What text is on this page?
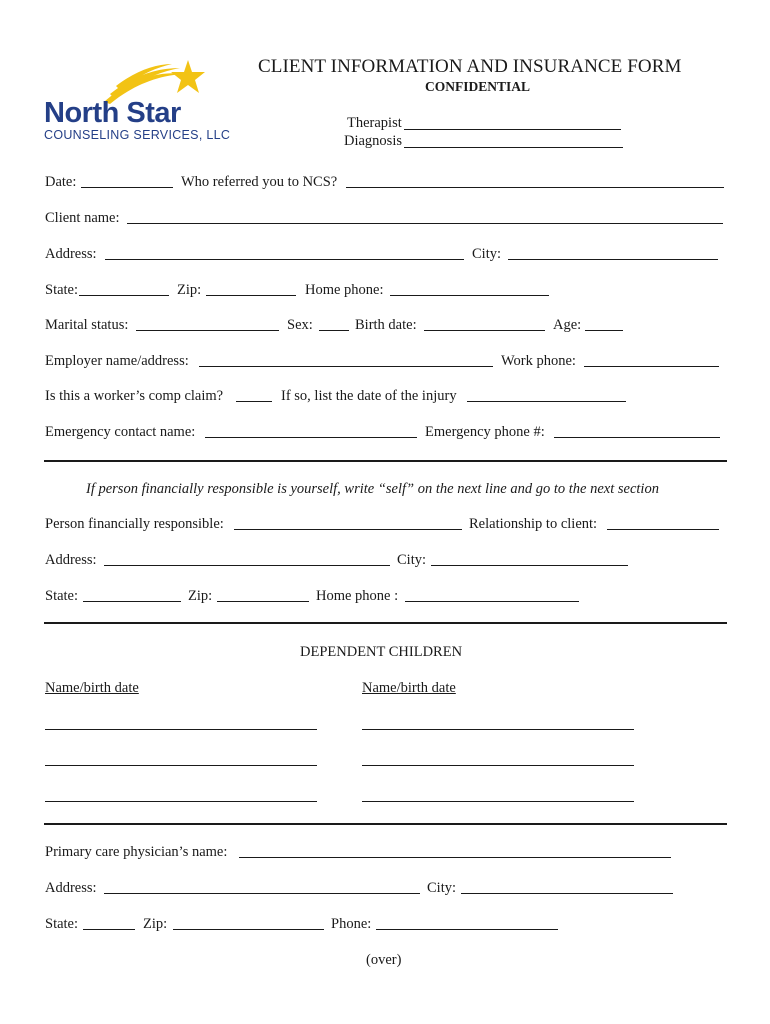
North Star
COUNSELING SERVICES, LLC
CLIENT INFORMATION AND INSURANCE FORM
CONFIDENTIAL
Therapist
Diagnosis
Date:	Who referred you to NCS?
Client name:
Address:	City:
State:	Zip:	Home phone:
Marital status:	Sex:	Birth date:	Age:
Employer name/address:	Work phone:
Is this a worker’s comp claim?	If so, list the date of the injury
Emergency contact name:	Emergency phone #:
If person financially responsible is yourself, write “self” on the next line and go to the next section
Person financially responsible:	Relationship to client:
Address:	City:
State:	Zip:	Home phone :
DEPENDENT CHILDREN
Name/birth date	Name/birth date
Primary care physician’s name:
Address:	City:
State:	Zip:	Phone:
(over)
